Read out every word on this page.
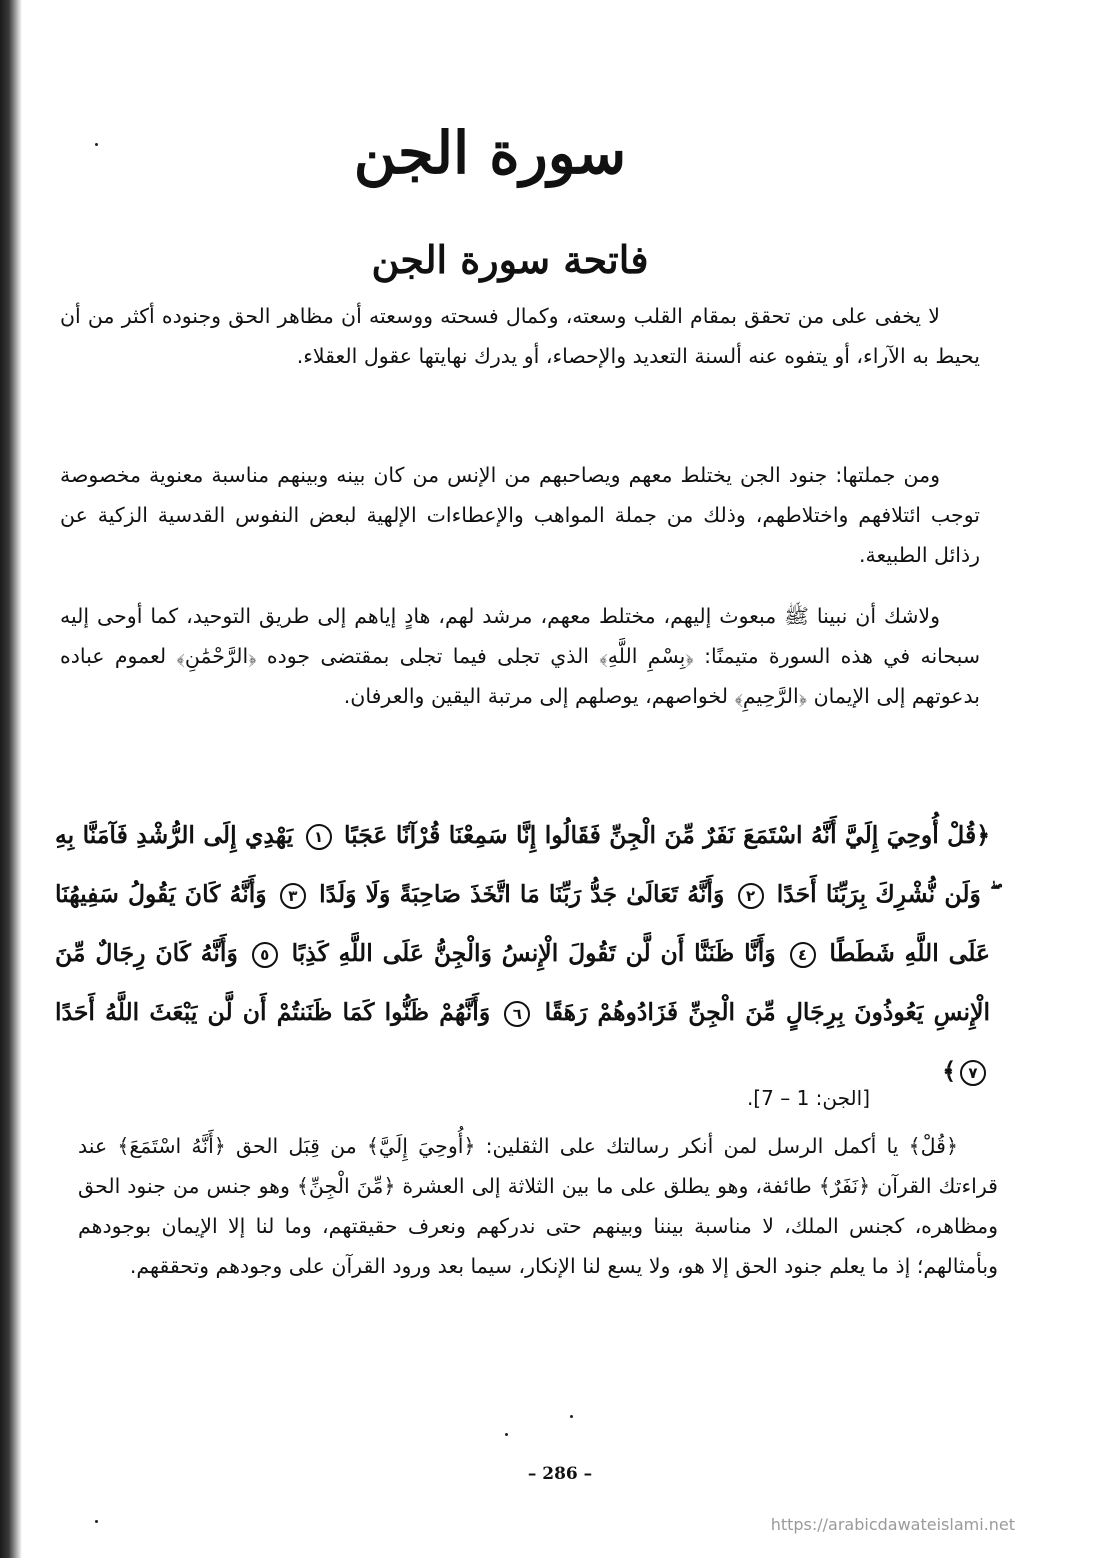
سورة الجن
فاتحة سورة الجن

لا يخفى على من تحقق بمقام القلب وسعته، وكمال فسحته ووسعته أن مظاهر الحق وجنوده أكثر من أن يحيط به الآراء، أو يتفوه عنه ألسنة التعديد والإحصاء، أو يدرك نهايتها عقول العقلاء.

ومن جملتها: جنود الجن يختلط معهم ويصاحبهم من الإنس من كان بينه وبينهم مناسبة معنوية مخصوصة توجب ائتلافهم واختلاطهم، وذلك من جملة المواهب والإعطاءات الإلهية لبعض النفوس القدسية الزكية عن رذائل الطبيعة.

ولاشك أن نبينا ﷺ مبعوث إليهم، مختلط معهم، مرشد لهم، هادٍ إياهم إلى طريق التوحيد، كما أوحى إليه سبحانه في هذه السورة متيمنًا: ﴿بِسْمِ اللَّهِ﴾ الذي تجلى فيما تجلى بمقتضى جوده ﴿الرَّحْمَٰنِ﴾ لعموم عباده بدعوتهم إلى الإيمان ﴿الرَّحِيمِ﴾ لخواصهم، يوصلهم إلى مرتبة اليقين والعرفان.

﴿قُلْ أُوحِيَ إِلَيَّ أَنَّهُ اسْتَمَعَ نَفَرٌ مِّنَ الْجِنِّ فَقَالُوا إِنَّا سَمِعْنَا قُرْآنًا عَجَبًا ١ يَهْدِي إِلَى الرُّشْدِ فَآمَنَّا بِهِ ۖ وَلَن نُّشْرِكَ بِرَبِّنَا أَحَدًا ٢ وَأَنَّهُ تَعَالَىٰ جَدُّ رَبِّنَا مَا اتَّخَذَ صَاحِبَةً وَلَا وَلَدًا ٣ وَأَنَّهُ كَانَ يَقُولُ سَفِيهُنَا عَلَى اللَّهِ شَطَطًا ٤ وَأَنَّا ظَنَنَّا أَن لَّن تَقُولَ الْإِنسُ وَالْجِنُّ عَلَى اللَّهِ كَذِبًا ٥ وَأَنَّهُ كَانَ رِجَالٌ مِّنَ الْإِنسِ يَعُوذُونَ بِرِجَالٍ مِّنَ الْجِنِّ فَزَادُوهُمْ رَهَقًا ٦ وَأَنَّهُمْ ظَنُّوا كَمَا ظَنَنتُمْ أَن لَّن يَبْعَثَ اللَّهُ أَحَدًا ٧﴾

[الجن: 1 – 7].

﴿قُلْ﴾ يا أكمل الرسل لمن أنكر رسالتك على الثقلين: ﴿أُوحِيَ إِلَيَّ﴾ من قِبَل الحق ﴿أَنَّهُ اسْتَمَعَ﴾ عند قراءتك القرآن ﴿نَفَرٌ﴾ طائفة، وهو يطلق على ما بين الثلاثة إلى العشرة ﴿مِّنَ الْجِنِّ﴾ وهو جنس من جنود الحق ومظاهره، كجنس الملك، لا مناسبة بيننا وبينهم حتى ندركهم ونعرف حقيقتهم، وما لنا إلا الإيمان بوجودهم وبأمثالهم؛ إذ ما يعلم جنود الحق إلا هو، ولا يسع لنا الإنكار، سيما بعد ورود القرآن على وجودهم وتحققهم.

– 286 –
https://arabicdawateislami.net
